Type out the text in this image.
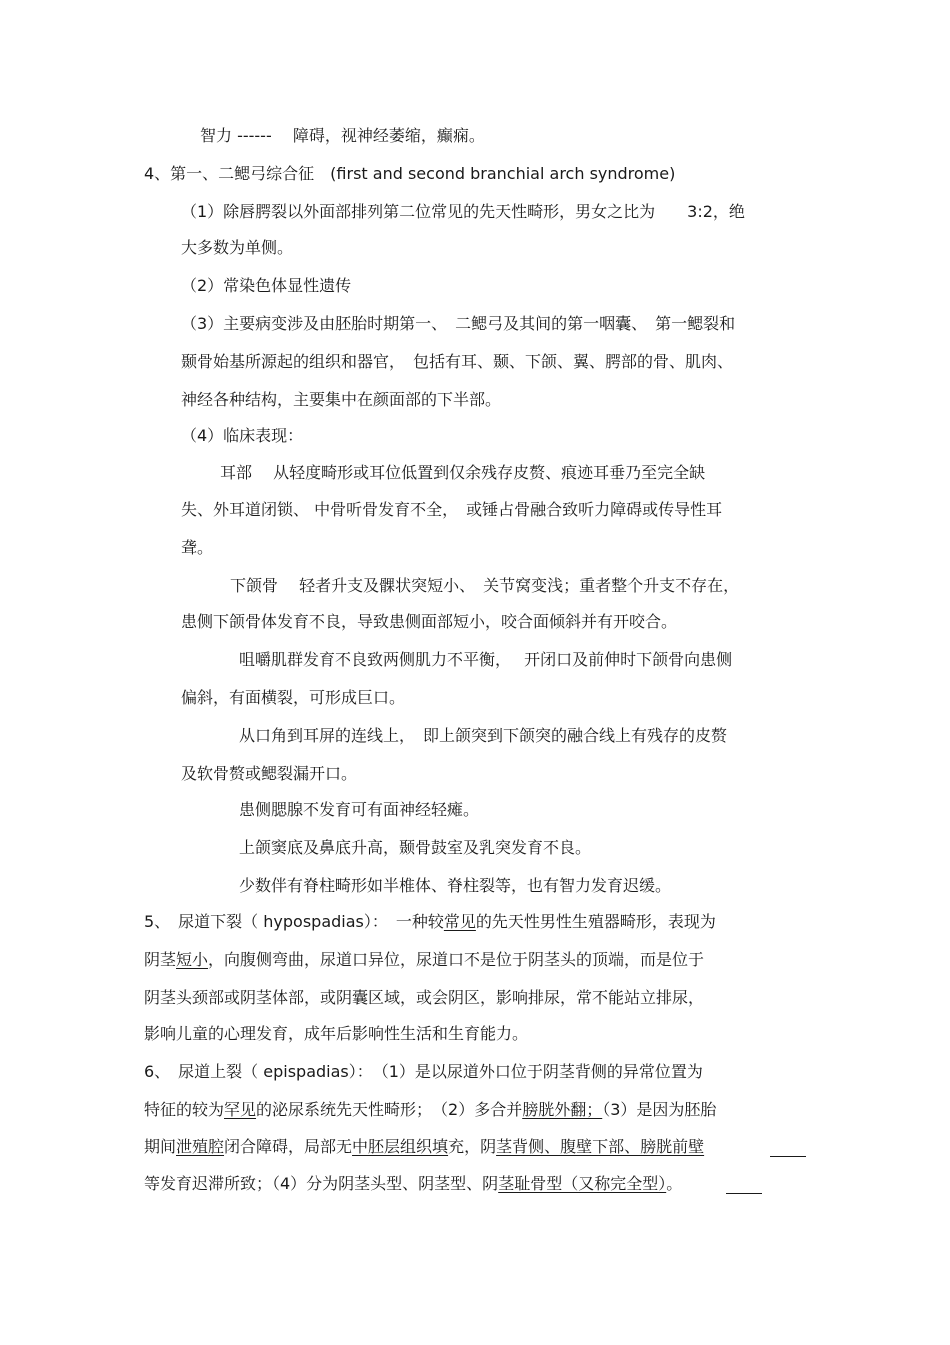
智力 ------　 障碍，视神经萎缩，癫痫。
4、第一、二鳃弓综合征　(first and second branchial arch syndrome)
（1）除唇腭裂以外面部排列第二位常见的先天性畸形，男女之比为　　3:2，绝
大多数为单侧。
（2）常染色体显性遗传
（3）主要病变涉及由胚胎时期第一、　二鳃弓及其间的第一咽囊、　第一鳃裂和
颞骨始基所源起的组织和器官，　包括有耳、颞、下颌、翼、腭部的骨、肌肉、
神经各种结构，主要集中在颜面部的下半部。
（4）临床表现：
耳部　 从轻度畸形或耳位低置到仅余残存皮赘、痕迹耳垂乃至完全缺
失、外耳道闭锁、 中骨听骨发育不全，　或锤占骨融合致听力障碍或传导性耳
聋。
下颌骨　 轻者升支及髁状突短小、　关节窝变浅；重者整个升支不存在，
患侧下颌骨体发育不良，导致患侧面部短小，咬合面倾斜并有开咬合。
咀嚼肌群发育不良致两侧肌力不平衡，　 开闭口及前伸时下颌骨向患侧
偏斜，有面横裂，可形成巨口。
从口角到耳屏的连线上，　即上颌突到下颌突的融合线上有残存的皮赘
及软骨赘或鳃裂漏开口。
患侧腮腺不发育可有面神经轻瘫。
上颌窦底及鼻底升高，颞骨鼓室及乳突发育不良。
少数伴有脊柱畸形如半椎体、脊柱裂等，也有智力发育迟缓。
5、　尿道下裂（ hypospadias）：　一种较常见的先天性男性生殖器畸形，表现为
阴茎短小，向腹侧弯曲，尿道口异位，尿道口不是位于阴茎头的顶端，而是位于
阴茎头颈部或阴茎体部，或阴囊区域，或会阴区，影响排尿，常不能站立排尿，
影响儿童的心理发育，成年后影响性生活和生育能力。
6、　尿道上裂（ epispadias）：　（1）是以尿道外口位于阴茎背侧的异常位置为
特征的较为罕见的泌尿系统先天性畸形；　（2）多合并膀胱外翻；（3）是因为胚胎
期间泄殖腔闭合障碍，局部无中胚层组织填充，阴茎背侧、腹壁下部、膀胱前壁
等发育迟滞所致；（4）分为阴茎头型、阴茎型、阴茎耻骨型（又称完全型）。
